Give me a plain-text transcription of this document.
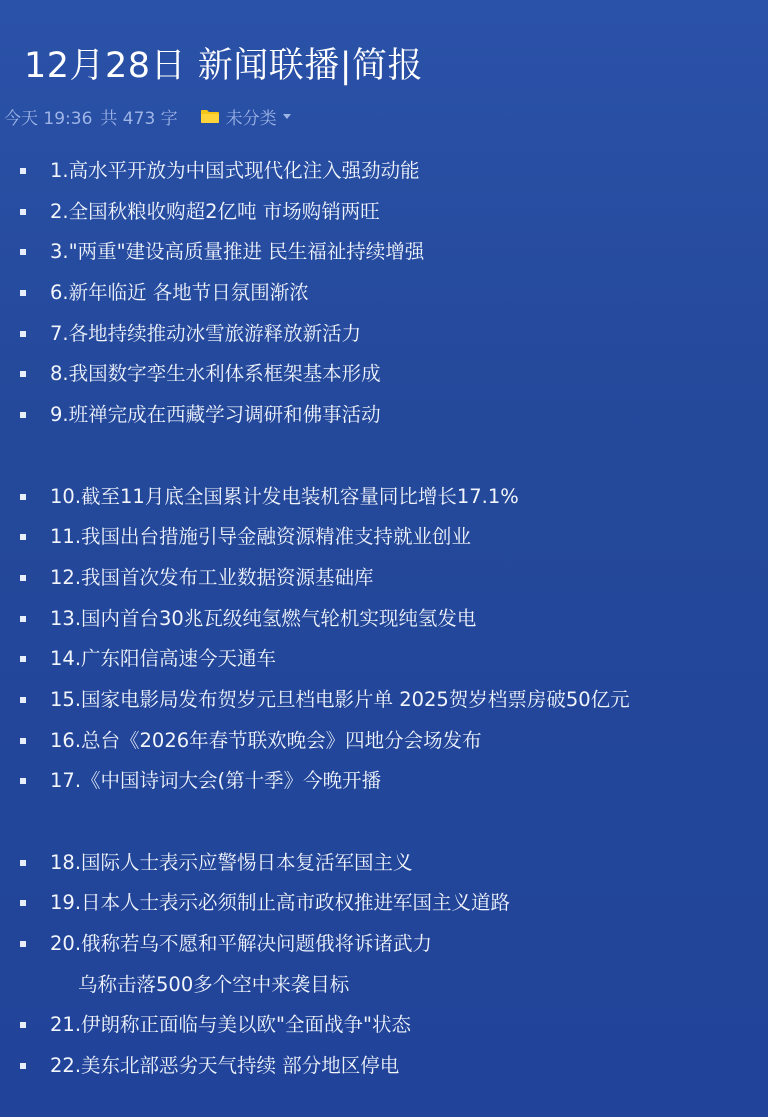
12月28日 新闻联播|简报
今天 19:36 共 473 字	未分类
1.高水平开放为中国式现代化注入强劲动能
2.全国秋粮收购超2亿吨 市场购销两旺
3."两重"建设高质量推进 民生福祉持续增强
6.新年临近 各地节日氛围渐浓
7.各地持续推动冰雪旅游释放新活力
8.我国数字孪生水利体系框架基本形成
9.班禅完成在西藏学习调研和佛事活动
10.截至11月底全国累计发电装机容量同比增长17.1%
11.我国出台措施引导金融资源精准支持就业创业
12.我国首次发布工业数据资源基础库
13.国内首台30兆瓦级纯氢燃气轮机实现纯氢发电
14.广东阳信高速今天通车
15.国家电影局发布贺岁元旦档电影片单 2025贺岁档票房破50亿元
16.总台《2026年春节联欢晚会》四地分会场发布
17.《中国诗词大会(第十季》今晚开播
18.国际人士表示应警惕日本复活军国主义
19.日本人士表示必须制止高市政权推进军国主义道路
20.俄称若乌不愿和平解决问题俄将诉诸武力
乌称击落500多个空中来袭目标
21.伊朗称正面临与美以欧"全面战争"状态
22.美东北部恶劣天气持续 部分地区停电
